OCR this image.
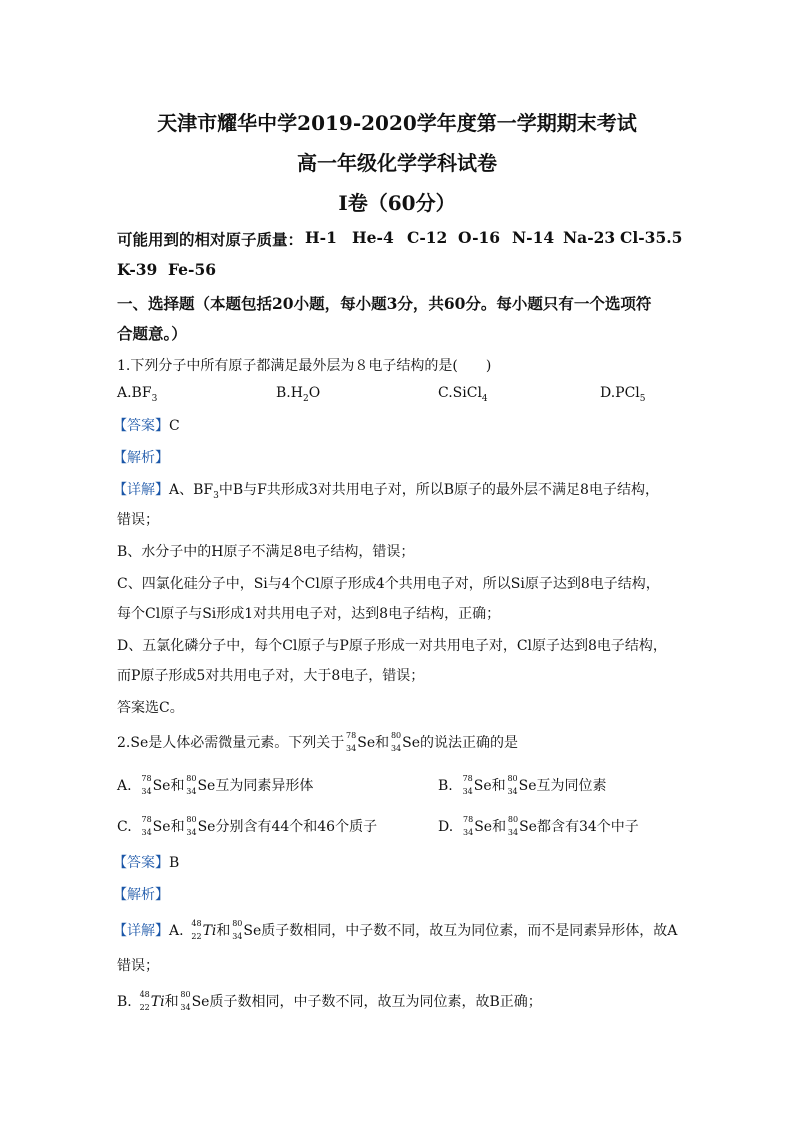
天津市耀华中学2019-2020学年度第一学期期末考试
高一年级化学学科试卷
Ⅰ卷（60分）
可能用到的相对原子质量： H-1 He-4 C-12 O-16 N-14 Na-23 Cl-35.5
K-39 Fe-56
一、选择题（本题包括20小题，每小题3分，共60分。每小题只有一个选项符
合题意。）
1.下列分子中所有原子都满足最外层为８电子结构的是(　　)
$A.BF_3$	$B.H_2O$	C.SiCl$_4$	D.PCl$_5$
【答案】C
【解析】
【详解】A、$BF_3$中B与F共形成3对共用电子对，所以B原子的最外层不满足8电子结构，
错误；
B、水分子中的H原子不满足8电子结构，错误；
C、四氯化硅分子中，Si与4个Cl原子形成4个共用电子对，所以Si原子达到8电子结构，
每个Cl原子与Si形成1对共用电子对，达到8电子结构，正确；
D、五氯化磷分子中，每个Cl原子与P原子形成一对共用电子对，Cl原子达到8电子结构，
而P原子形成5对共用电子对，大于8电子，错误；
答案选C。
2.Se是人体必需微量元素。下列关于 78
34 Se和 80
34 Se的说法正确的是
A. 78
34 Se和 80
34 Se互为同素异形体	B. 78
34 Se和 80
34 Se互为同位素
C. 78
34 Se和 80
34 Se分别含有44个和46个质子	D. 78
34 Se和 80
34 Se都含有34个中子
【答案】B
【解析】
【详解】A. 48
22 Ti和 80
34 Se质子数相同，中子数不同，故互为同位素，而不是同素异形体，故A
错误；
B. 48
22 Ti和 80
34 Se质子数相同，中子数不同，故互为同位素，故B正确；
